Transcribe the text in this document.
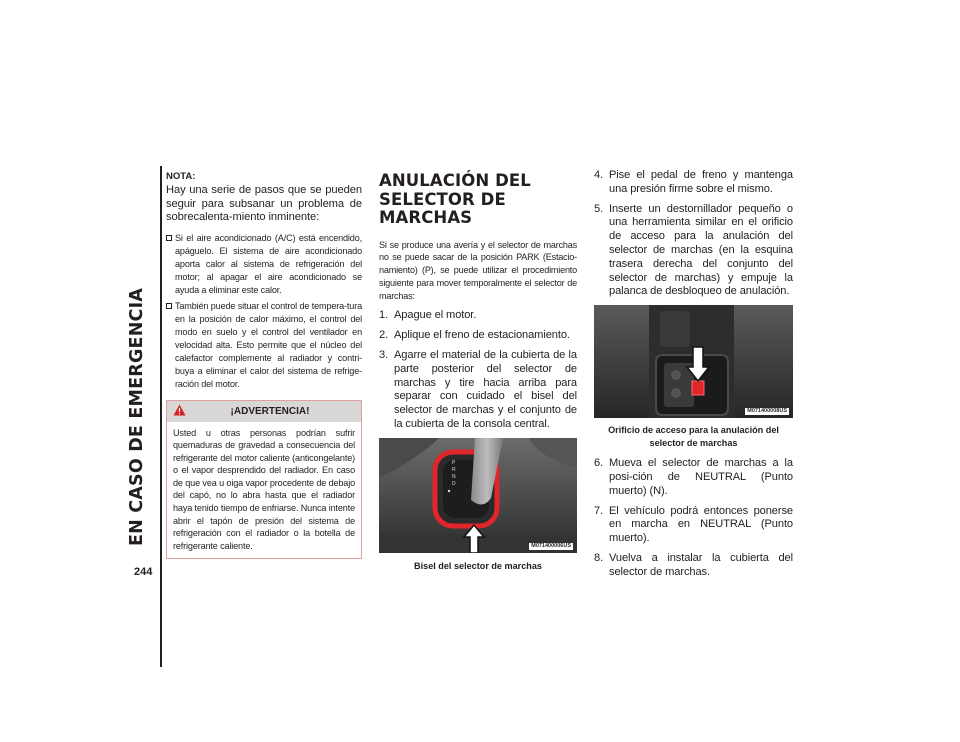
EN CASO DE EMERGENCIA
244
NOTA:

Hay una serie de pasos que se pueden seguir para subsanar un problema de sobrecalenta-miento inminente:

Si el aire acondicionado (A/C) está encendido, apáguelo. El sistema de aire acondicionado aporta calor al sistema de refrigeración del motor; al apagar el aire acondicionado se ayuda a eliminar este calor.
También puede situar el control de tempera-tura en la posición de calor máximo, el control del modo en suelo y el control del ventilador en velocidad alta. Esto permite que el núcleo del calefactor complemente al radiador y contri-buya a eliminar el calor del sistema de refrige-ración del motor.
¡ADVERTENCIA!
Usted u otras personas podrían sufrir quemaduras de gravedad a consecuencia del refrigerante del motor caliente (anticongelante) o el vapor desprendido del radiador. En caso de que vea u oiga vapor procedente de debajo del capó, no lo abra hasta que el radiador haya tenido tiempo de enfriarse. Nunca intente abrir el tapón de presión del sistema de refrigeración con el radiador o la botella de refrigerante caliente.
ANULACIÓN DEL
SELECTOR DE MARCHAS

Si se produce una avería y el selector de marchas no se puede sacar de la posición PARK (Estacio-namiento) (P), se puede utilizar el procedimiento siguiente para mover temporalmente el selector de marchas:

1. Apague el motor.
2. Aplique el freno de estacionamiento.
3. Agarre el material de la cubierta de la parte posterior del selector de marchas y tire hacia arriba para separar con cuidado el bisel del selector de marchas y el conjunto de la cubierta de la consola central.
P
R
N
D
M071400006US
Bisel del selector de marchas
4. Pise el pedal de freno y mantenga una presión firme sobre el mismo.
5. Inserte un destornillador pequeño o una herramienta similar en el orificio de acceso para la anulación del selector de marchas (en la esquina trasera derecha del conjunto del selector de marchas) y empuje la palanca de desbloqueo de anulación.
M071400008US
Orificio de acceso para la anulación del
selector de marchas
6. Mueva el selector de marchas a la posi-ción de NEUTRAL (Punto muerto) (N).
7. El vehículo podrá entonces ponerse en marcha en NEUTRAL (Punto muerto).
8. Vuelva a instalar la cubierta del selector de marchas.
